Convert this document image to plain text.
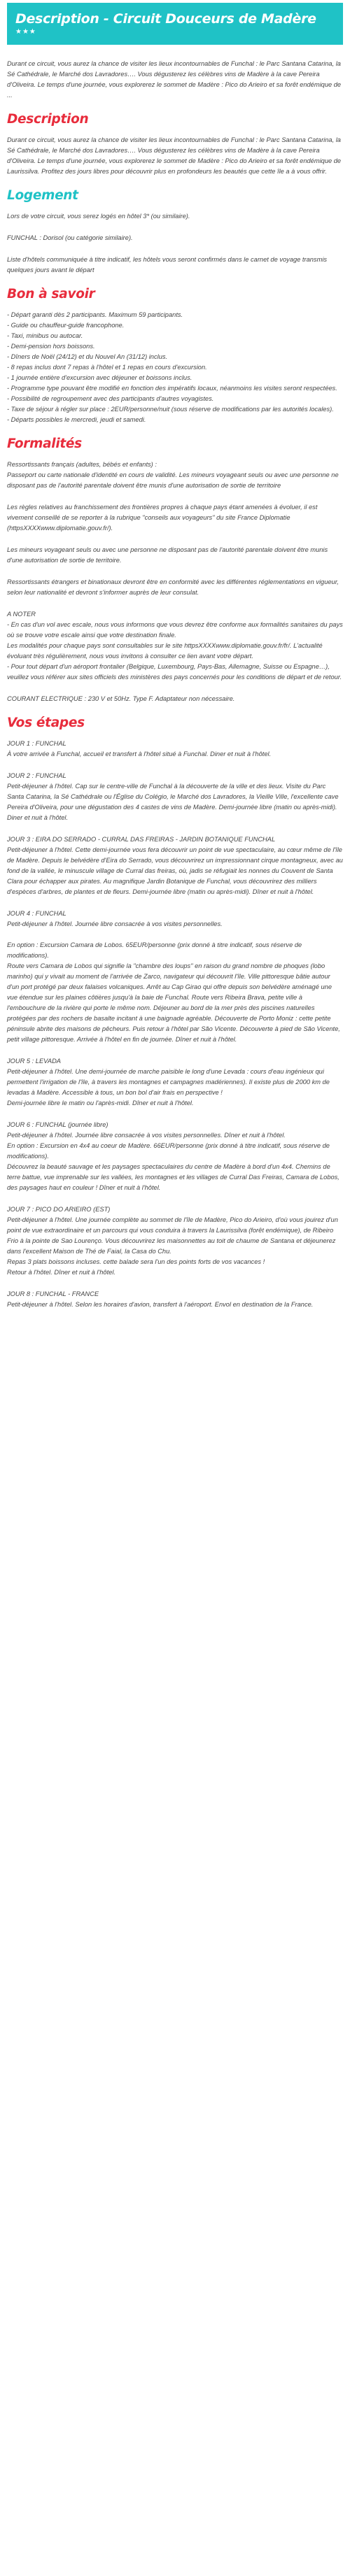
Description - Circuit Douceurs de Madère
★★★

Durant ce circuit, vous aurez la chance de visiter les lieux incontournables de Funchal : le Parc Santana Catarina, la Sé Cathédrale, le Marché dos Lavradores…. Vous dégusterez les célèbres vins de Madère à la cave Pereira d'Oliveira. Le temps d'une journée, vous explorerez le sommet de Madère : Pico do Arieiro et sa forêt endémique de ...

Description

Durant ce circuit, vous aurez la chance de visiter les lieux incontournables de Funchal : le Parc Santana Catarina, la Sé Cathédrale, le Marché dos Lavradores…. Vous dégusterez les célèbres vins de Madère à la cave Pereira d'Oliveira. Le temps d'une journée, vous explorerez le sommet de Madère : Pico do Arieiro et sa forêt endémique de Laurissilva. Profitez des jours libres pour découvrir plus en profondeurs les beautés que cette île a à vous offrir.

Logement

Lors de votre circuit, vous serez logés en hôtel 3* (ou similaire).

FUNCHAL : Dorisol (ou catégorie similaire).

Liste d'hôtels communiquée à titre indicatif, les hôtels vous seront confirmés dans le carnet de voyage transmis quelques jours avant le départ

Bon à savoir
- Départ garanti dès 2 participants. Maximum 59 participants.
- Guide ou chauffeur-guide francophone.
- Taxi, minibus ou autocar.
- Demi-pension hors boissons.
- Dîners de Noël (24/12) et du Nouvel An (31/12) inclus.
- 8 repas inclus dont 7 repas à l'hôtel et 1 repas en cours d'excursion.
- 1 journée entière d'excursion avec déjeuner et boissons inclus.
- Programme type pouvant être modifié en fonction des impératifs locaux, néanmoins les visites seront respectées.
- Possibilité de regroupement avec des participants d'autres voyagistes.
- Taxe de séjour à régler sur place : 2EUR/personne/nuit (sous réserve de modifications par les autorités locales).
- Départs possibles le mercredi, jeudi et samedi.
Formalités

Ressortissants français (adultes, bébés et enfants) :
Passeport ou carte nationale d'identité en cours de validité. Les mineurs voyageant seuls ou avec une personne ne disposant pas de l'autorité parentale doivent être munis d'une autorisation de sortie de territoire

Les règles relatives au franchissement des frontières propres à chaque pays étant amenées à évoluer, il est vivement conseillé de se reporter à la rubrique "conseils aux voyageurs" du site France Diplomatie (httpsXXXXwww.diplomatie.gouv.fr/).

Les mineurs voyageant seuls ou avec une personne ne disposant pas de l'autorité parentale doivent être munis d'une autorisation de sortie de territoire.

Ressortissants étrangers et binationaux devront être en conformité avec les différentes réglementations en vigueur, selon leur nationalité et devront s'informer auprès de leur consulat.

A NOTER
- En cas d'un vol avec escale, nous vous informons que vous devrez être conforme aux formalités sanitaires du pays où se trouve votre escale ainsi que votre destination finale.
Les modalités pour chaque pays sont consultables sur le site httpsXXXXwww.diplomatie.gouv.fr/fr/. L'actualité évoluant très régulièrement, nous vous invitons à consulter ce lien avant votre départ.
- Pour tout départ d'un aéroport frontalier (Belgique, Luxembourg, Pays-Bas, Allemagne, Suisse ou Espagne…), veuillez vous référer aux sites officiels des ministères des pays concernés pour les conditions de départ et de retour.

COURANT ELECTRIQUE : 230 V et 50Hz. Type F. Adaptateur non nécessaire.

Vos étapes
JOUR 1 : FUNCHAL
À votre arrivée à Funchal, accueil et transfert à l'hôtel situé à Funchal. Diner et nuit à l'hôtel.
JOUR 2 : FUNCHAL
Petit-déjeuner à l'hôtel. Cap sur le centre-ville de Funchal à la découverte de la ville et des lieux. Visite du Parc Santa Catarina, la Sé Cathédrale ou l'Église du Colégio, le Marché dos Lavradores, la Vieille Ville, l'excellente cave Pereira d'Oliveira, pour une dégustation des 4 castes de vins de Madère. Demi-journée libre (matin ou après-midi). Diner et nuit à l'hôtel.
JOUR 3 : EIRA DO SERRADO - CURRAL DAS FREIRAS - JARDIN BOTANIQUE FUNCHAL
Petit-déjeuner à l'hôtel. Cette demi-journée vous fera découvrir un point de vue spectaculaire, au cœur même de l'île de Madère. Depuis le belvédère d'Eira do Serrado, vous découvrirez un impressionnant cirque montagneux, avec au fond de la vallée, le minuscule village de Curral das freiras, où, jadis se réfugiait les nonnes du Couvent de Santa Clara pour échapper aux pirates. Au magnifique Jardin Botanique de Funchal, vous découvrirez des milliers d'espèces d'arbres, de plantes et de fleurs. Demi-journée libre (matin ou après-midi). Dîner et nuit à l'hôtel.
JOUR 4 : FUNCHAL
Petit-déjeuner à l'hôtel. Journée libre consacrée à vos visites personnelles.

En option : Excursion Camara de Lobos. 65EUR/personne (prix donné à titre indicatif, sous réserve de modifications).
Route vers Camara de Lobos qui signifie la "chambre des loups" en raison du grand nombre de phoques (lobo marinho) qui y vivait au moment de l'arrivée de Zarco, navigateur qui découvrit l'île. Ville pittoresque bâtie autour d'un port protégé par deux falaises volcaniques. Arrêt au Cap Girao qui offre depuis son belvédère aménagé une vue étendue sur les plaines côtières jusqu'à la baie de Funchal. Route vers Ribeira Brava, petite ville à l'embouchure de la rivière qui porte le même nom. Déjeuner au bord de la mer près des piscines naturelles protégées par des rochers de basalte incitant à une baignade agréable. Découverte de Porto Moniz : cette petite péninsule abrite des maisons de pêcheurs. Puis retour à l'hôtel par São Vicente. Découverte à pied de São Vicente, petit village pittoresque. Arrivée à l'hôtel en fin de journée. Dîner et nuit à l'hôtel.
JOUR 5 : LEVADA
Petit-déjeuner à l'hôtel. Une demi-journée de marche paisible le long d'une Levada : cours d'eau ingénieux qui permettent l'irrigation de l'île, à travers les montagnes et campagnes madériennes). Il existe plus de 2000 km de levadas à Madère. Accessible à tous, un bon bol d'air frais en perspective !
Demi-journée libre le matin ou l'après-midi. Dîner et nuit à l'hôtel.
JOUR 6 : FUNCHAL (journée libre)
Petit-déjeuner à l'hôtel. Journée libre consacrée à vos visites personnelles. Dîner et nuit à l'hôtel.
En option : Excursion en 4x4 au coeur de Madère. 66EUR/personne (prix donné à titre indicatif, sous réserve de modifications).
Découvrez la beauté sauvage et les paysages spectaculaires du centre de Madère à bord d'un 4x4. Chemins de terre battue, vue imprenable sur les vallées, les montagnes et les villages de Curral Das Freiras, Camara de Lobos, des paysages haut en couleur ! Dîner et nuit à l'hôtel.
JOUR 7 : PICO DO ARIEIRO (EST)
Petit-déjeuner à l'hôtel. Une journée complète au sommet de l'île de Madère, Pico do Arieiro, d'où vous jouirez d'un point de vue extraordinaire et un parcours qui vous conduira à travers la Laurissilva (forêt endémique), de Ribeiro Frio à la pointe de Sao Lourenço. Vous découvrirez les maisonnettes au toit de chaume de Santana et déjeunerez dans l'excellent Maison de Thé de Faial, la Casa do Chu.
Repas 3 plats boissons incluses. cette balade sera l'un des points forts de vos vacances !
Retour à l'hôtel. Dîner et nuit à l'hôtel.
JOUR 8 : FUNCHAL - FRANCE
Petit-déjeuner à l'hôtel. Selon les horaires d'avion, transfert à l'aéroport. Envol en destination de la France.
